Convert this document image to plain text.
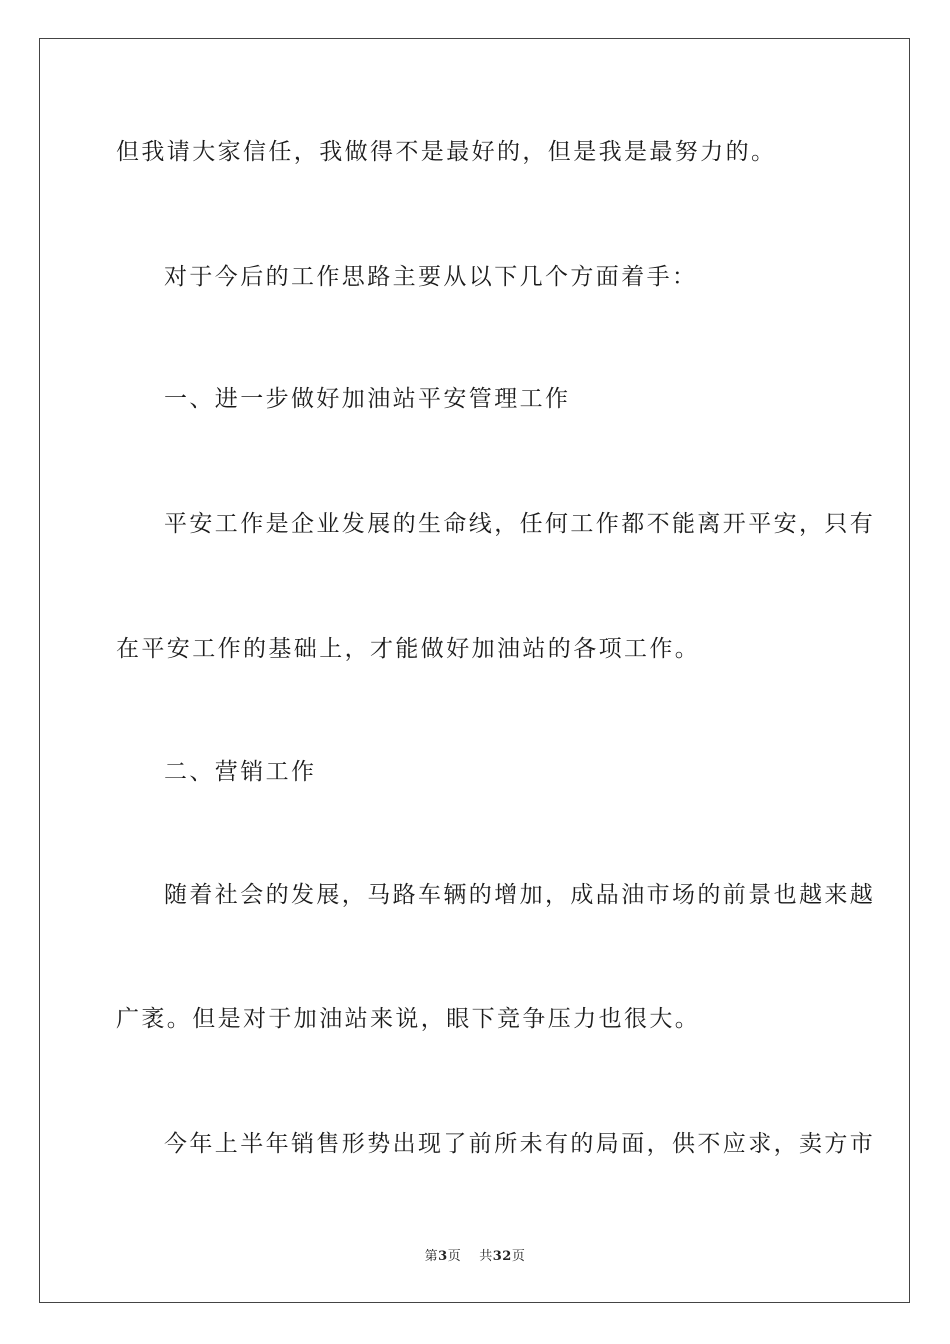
但我请大家信任，我做得不是最好的，但是我是最努力的。
对于今后的工作思路主要从以下几个方面着手：
一、进一步做好加油站平安管理工作
平安工作是企业发展的生命线，任何工作都不能离开平安，只有
在平安工作的基础上，才能做好加油站的各项工作。
二、营销工作
随着社会的发展，马路车辆的增加，成品油市场的前景也越来越
广袤。但是对于加油站来说，眼下竞争压力也很大。
今年上半年销售形势出现了前所未有的局面，供不应求，卖方市
第3页 共32页
